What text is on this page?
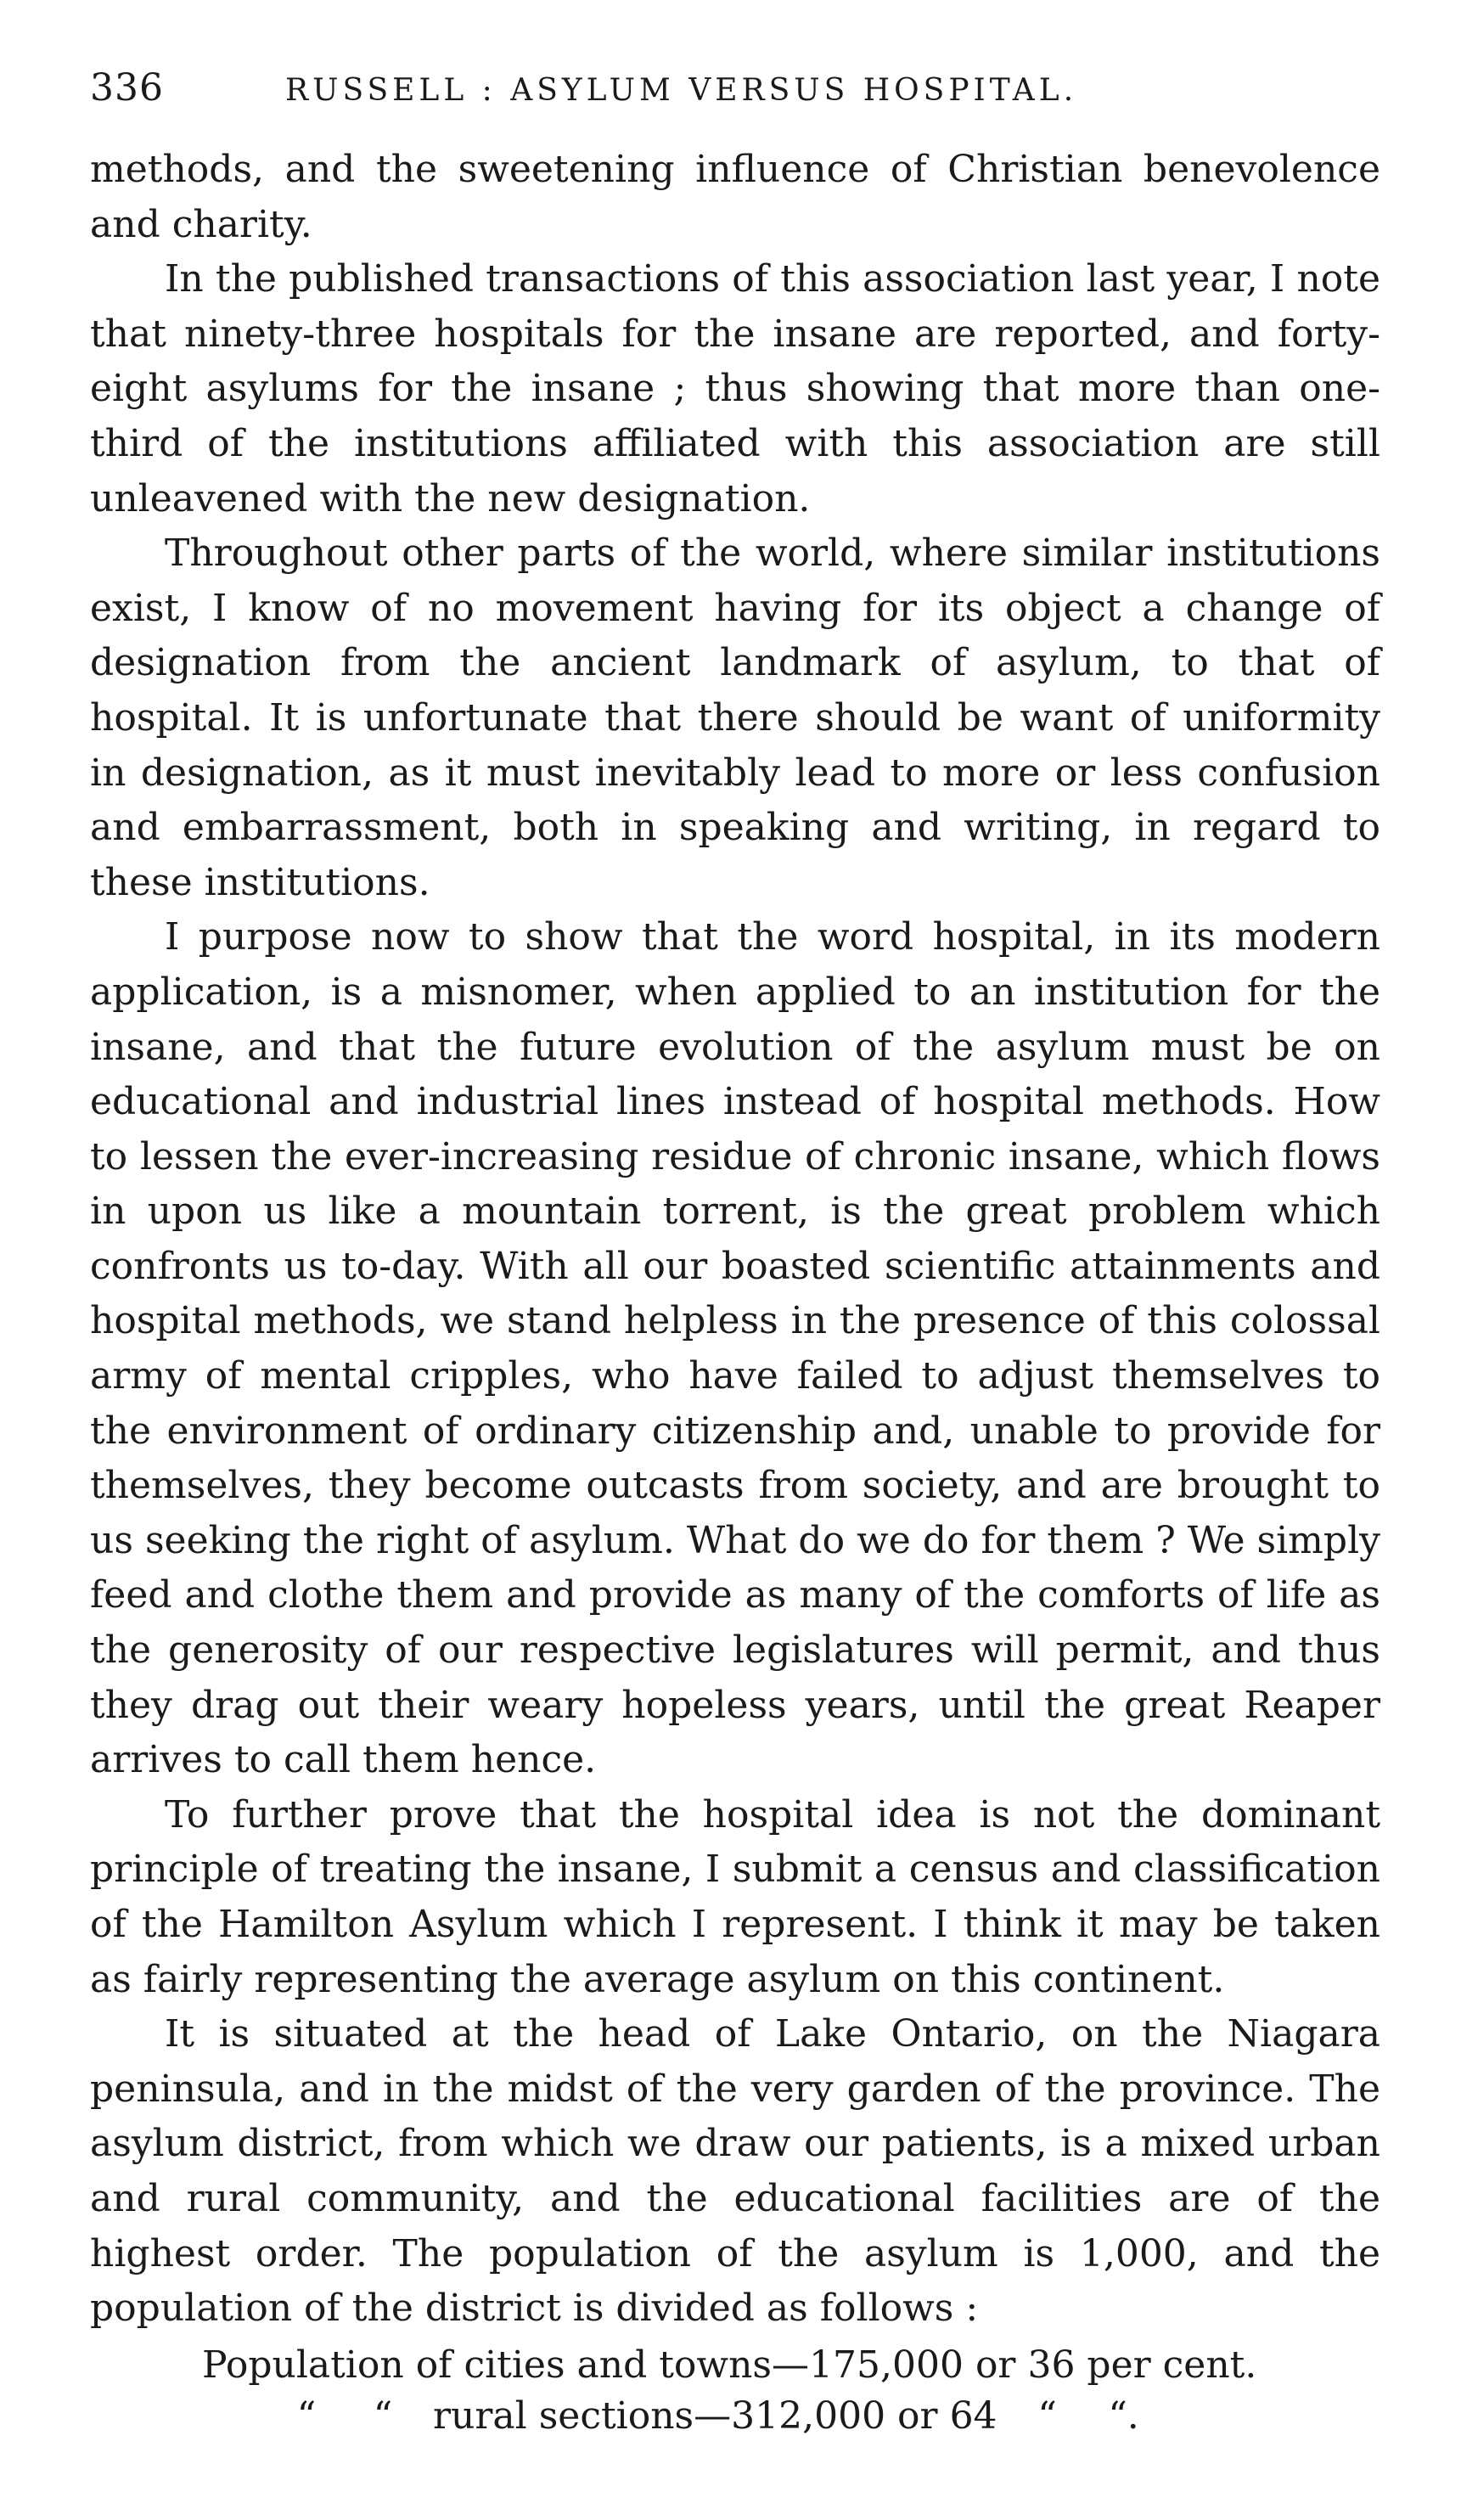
336	RUSSELL : ASYLUM VERSUS HOSPITAL.

methods, and the sweetening influence of Christian benevolence and charity.

In the published transactions of this association last year, I note that ninety-three hospitals for the insane are reported, and forty-eight asylums for the insane ; thus showing that more than one-third of the institutions affiliated with this association are still unleavened with the new designation.

Throughout other parts of the world, where similar institutions exist, I know of no movement having for its object a change of designation from the ancient landmark of asylum, to that of hospital. It is unfortunate that there should be want of uniformity in designation, as it must inevitably lead to more or less confusion and embarrassment, both in speaking and writing, in regard to these institutions.

I purpose now to show that the word hospital, in its modern application, is a misnomer, when applied to an institution for the insane, and that the future evolution of the asylum must be on educational and industrial lines instead of hospital methods. How to lessen the ever-increasing residue of chronic insane, which flows in upon us like a mountain torrent, is the great problem which confronts us to-day. With all our boasted scientific attainments and hospital methods, we stand helpless in the presence of this colossal army of mental cripples, who have failed to adjust themselves to the environment of ordinary citizenship and, unable to provide for themselves, they become outcasts from society, and are brought to us seeking the right of asylum. What do we do for them ? We simply feed and clothe them and provide as many of the comforts of life as the generosity of our respective legislatures will permit, and thus they drag out their weary hopeless years, until the great Reaper arrives to call them hence.

To further prove that the hospital idea is not the dominant principle of treating the insane, I submit a census and classification of the Hamilton Asylum which I represent. I think it may be taken as fairly representing the average asylum on this continent.

It is situated at the head of Lake Ontario, on the Niagara peninsula, and in the midst of the very garden of the province. The asylum district, from which we draw our patients, is a mixed urban and rural community, and the educational facilities are of the highest order. The population of the asylum is 1,000, and the population of the district is divided as follows :

Population of cities and towns—175,000 or 36 per cent.
“ “ rural sections—312,000 or 64 “ “.
